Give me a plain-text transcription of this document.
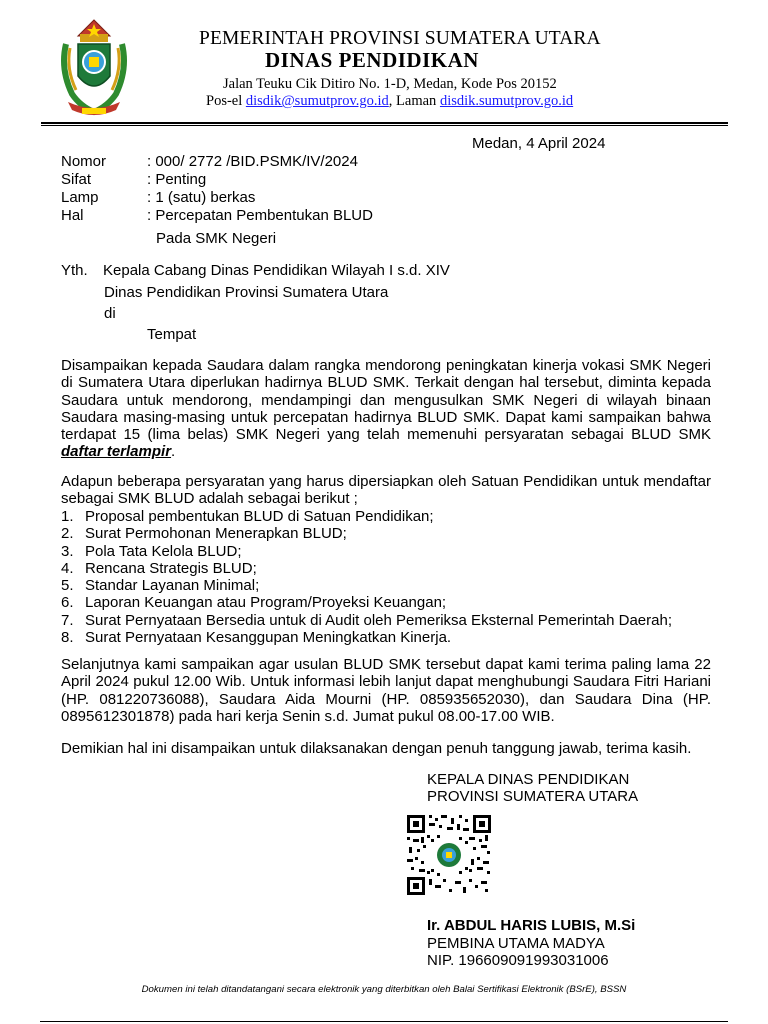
PEMERINTAH PROVINSI SUMATERA UTARA
DINAS PENDIDIKAN
Jalan Teuku Cik Ditiro No. 1-D, Medan, Kode Pos 20152
Pos-el disdik@sumutprov.go.id, Laman disdik.sumutprov.go.id
Medan, 4 April 2024
Nomor	: 000/ 2772 /BID.PSMK/IV/2024
Sifat	: Penting
Lamp	: 1 (satu) berkas
Hal	: Percepatan Pembentukan BLUD
Pada SMK Negeri
Yth. Kepala Cabang Dinas Pendidikan Wilayah I s.d. XIV
Dinas Pendidikan Provinsi Sumatera Utara
di
Tempat
Disampaikan kepada Saudara dalam rangka mendorong peningkatan kinerja vokasi SMK Negeri di Sumatera Utara diperlukan hadirnya BLUD SMK. Terkait dengan hal tersebut, diminta kepada Saudara untuk mendorong, mendampingi dan mengusulkan SMK Negeri di wilayah binaan Saudara masing-masing untuk percepatan hadirnya BLUD SMK. Dapat kami sampaikan bahwa terdapat 15 (lima belas) SMK Negeri yang telah memenuhi persyaratan sebagai BLUD SMK daftar terlampir.
Adapun beberapa persyaratan yang harus dipersiapkan oleh Satuan Pendidikan untuk mendaftar sebagai SMK BLUD adalah sebagai berikut ;
1. Proposal pembentukan BLUD di Satuan Pendidikan;
2. Surat Permohonan Menerapkan BLUD;
3. Pola Tata Kelola BLUD;
4. Rencana Strategis BLUD;
5. Standar Layanan Minimal;
6. Laporan Keuangan atau Program/Proyeksi Keuangan;
7. Surat Pernyataan Bersedia untuk di Audit oleh Pemeriksa Eksternal Pemerintah Daerah;
8. Surat Pernyataan Kesanggupan Meningkatkan Kinerja.
Selanjutnya kami sampaikan agar usulan BLUD SMK tersebut dapat kami terima paling lama 22 April 2024 pukul 12.00 Wib. Untuk informasi lebih lanjut dapat menghubungi Saudara Fitri Hariani (HP. 081220736088), Saudara Aida Mourni (HP. 085935652030), dan Saudara Dina (HP. 0895612301878) pada hari kerja Senin s.d. Jumat pukul 08.00-17.00 WIB.
Demikian hal ini disampaikan untuk dilaksanakan dengan penuh tanggung jawab, terima kasih.
KEPALA DINAS PENDIDIKAN
PROVINSI SUMATERA UTARA
Ir. ABDUL HARIS LUBIS, M.Si
PEMBINA UTAMA MADYA
NIP. 196609091993031006
Dokumen ini telah ditandatangani secara elektronik yang diterbitkan oleh Balai Sertifikasi Elektronik (BSrE), BSSN
